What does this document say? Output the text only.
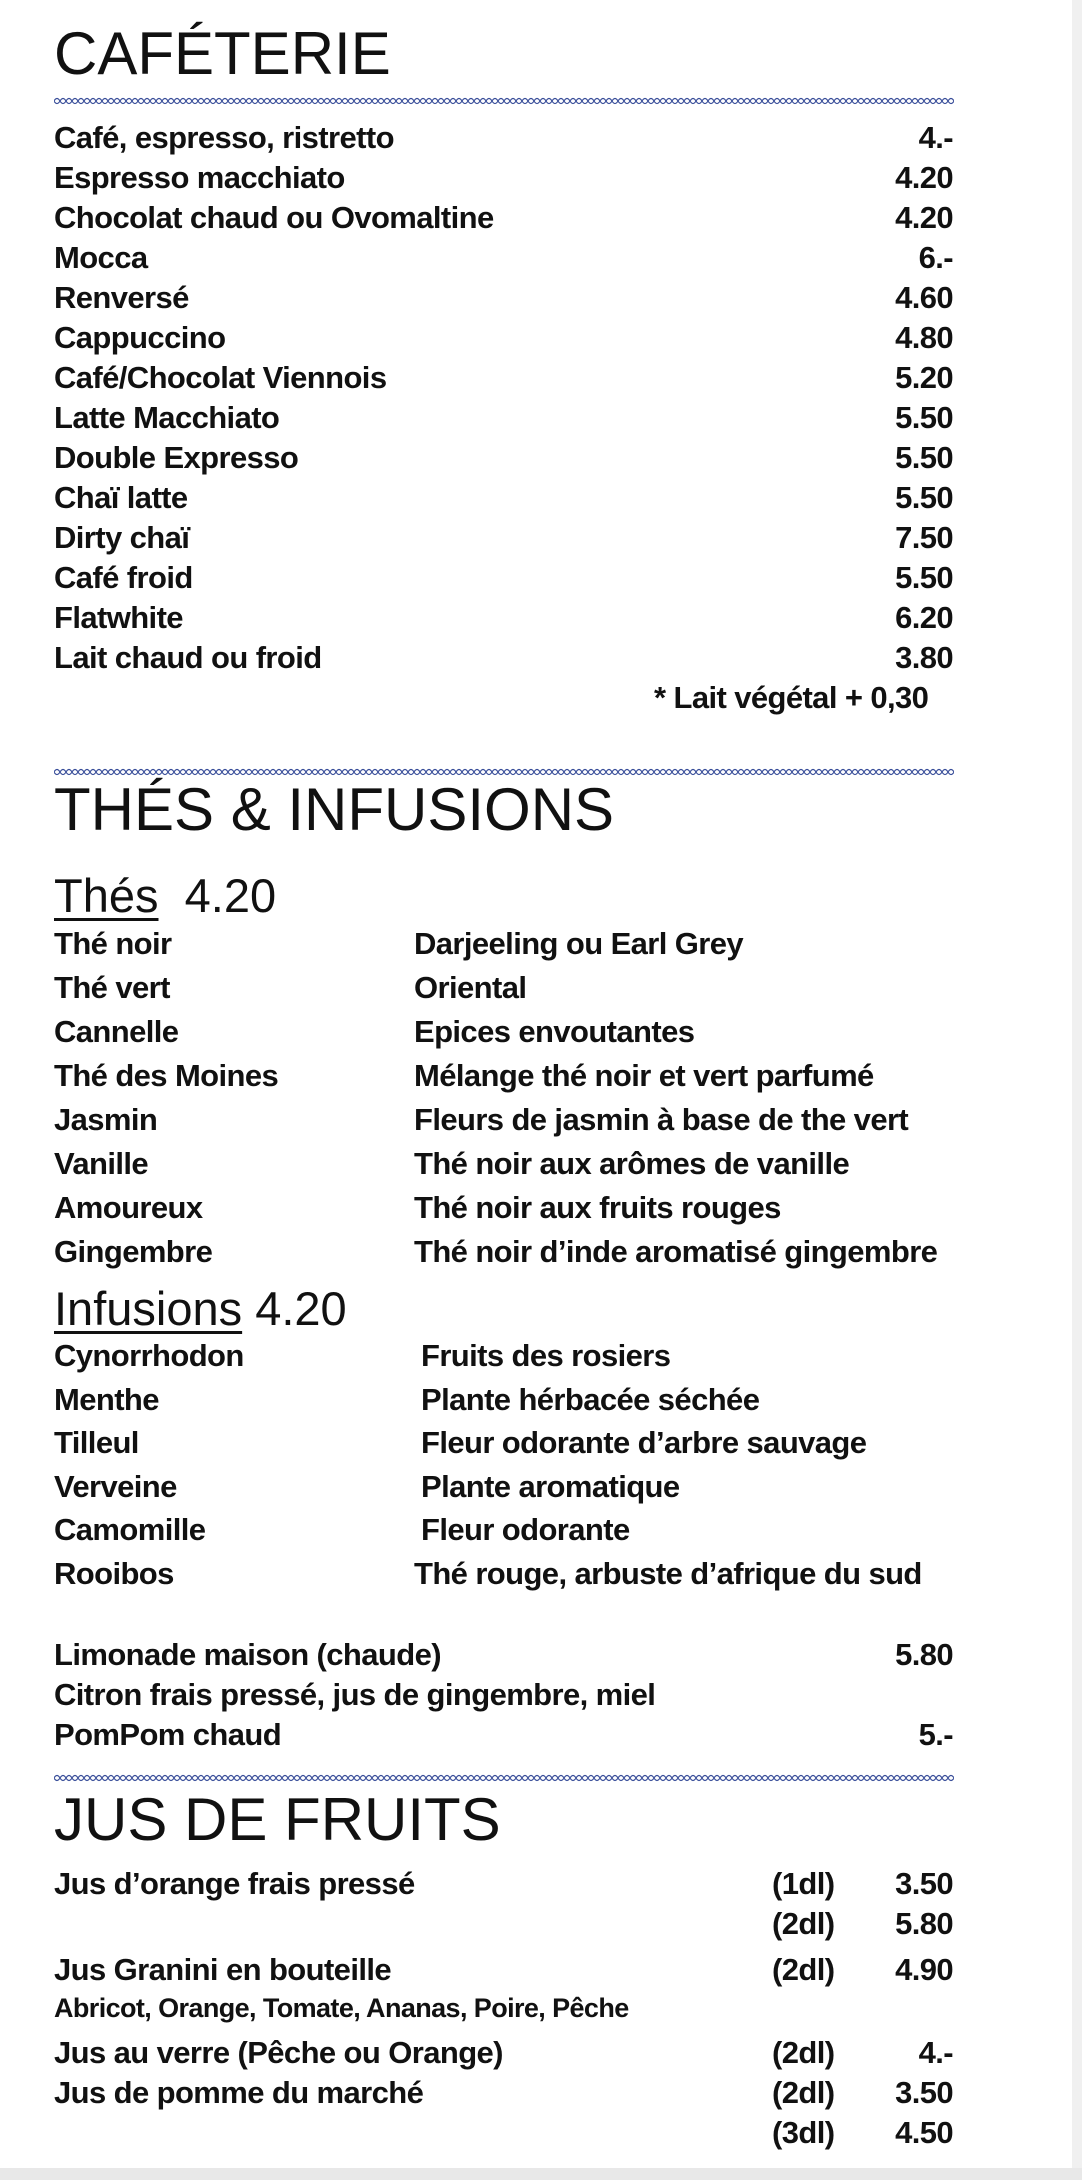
CAFÉTERIE
Café, espresso, ristretto	4.-
Espresso macchiato	4.20
Chocolat chaud ou Ovomaltine	4.20
Mocca	6.-
Renversé	4.60
Cappuccino	4.80
Café/Chocolat Viennois	5.20
Latte Macchiato	5.50
Double Expresso	5.50
Chaï latte	5.50
Dirty chaï	7.50
Café froid	5.50
Flatwhite	6.20
Lait chaud ou froid	3.80
* Lait végétal + 0,30
THÉS & INFUSIONS
Thés 4.20
Thé noir	Darjeeling ou Earl Grey
Thé vert	Oriental
Cannelle	Epices envoutantes
Thé des Moines	Mélange thé noir et vert parfumé
Jasmin	Fleurs de jasmin à base de the vert
Vanille	Thé noir aux arômes de vanille
Amoureux	Thé noir aux fruits rouges
Gingembre	Thé noir d’inde aromatisé gingembre
Infusions 4.20
Cynorrhodon	Fruits des rosiers
Menthe	Plante hérbacée séchée
Tilleul	Fleur odorante d’arbre sauvage
Verveine	Plante aromatique
Camomille	Fleur odorante
Rooibos	Thé rouge, arbuste d’afrique du sud
Limonade maison (chaude)	5.80
Citron frais pressé, jus de gingembre, miel
PomPom chaud	5.-
JUS DE FRUITS
Jus d’orange frais pressé	(1dl)	3.50
(2dl)	5.80
Jus Granini en bouteille	(2dl)	4.90
Abricot, Orange, Tomate, Ananas, Poire, Pêche
Jus au verre (Pêche ou Orange)	(2dl)	4.-
Jus de pomme du marché	(2dl)	3.50
(3dl)	4.50
